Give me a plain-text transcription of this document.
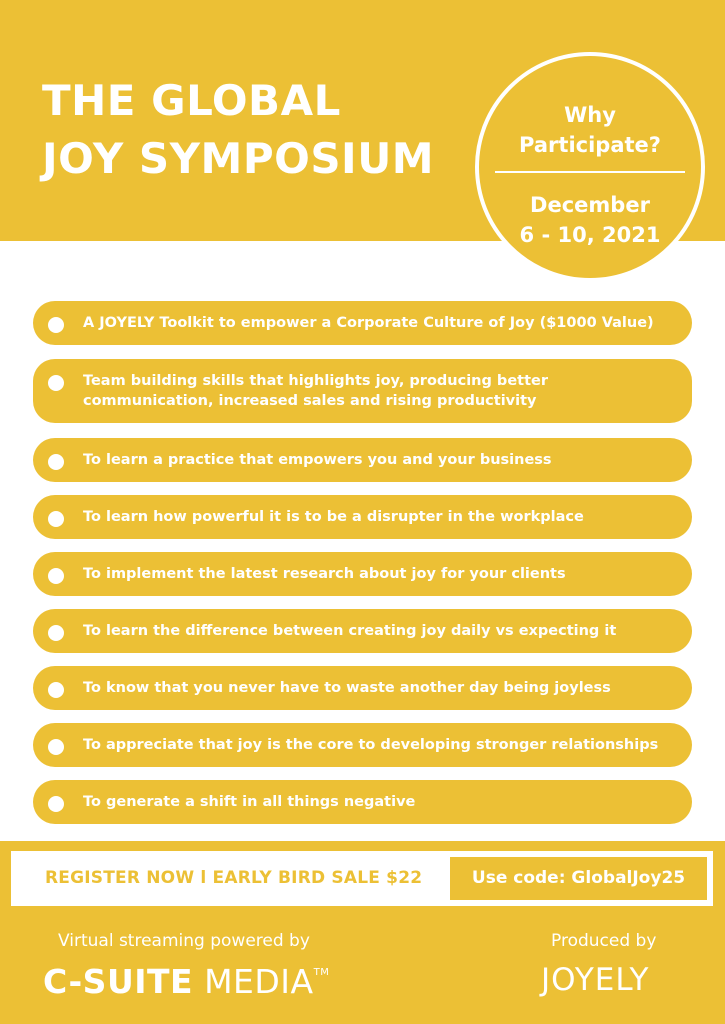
THE GLOBAL
JOY SYMPOSIUM
Why
Participate?
December
6 - 10, 2021
A JOYELY Toolkit to empower a Corporate Culture of Joy ($1000 Value)
Team building skills that highlights joy, producing better communication, increased sales and rising productivity
To learn a practice that empowers you and your business
To learn how powerful it is to be a disrupter in the workplace
To implement the latest research about joy for your clients
To learn the difference between creating joy daily vs expecting it
To know that you never have to waste another day being joyless
To appreciate that joy is the core to developing stronger relationships
To generate a shift in all things negative
REGISTER NOW l EARLY BIRD SALE $22	Use code: GlobalJoy25
Virtual streaming powered by
C-SUITE MEDIA™
Produced by
JOYELY
